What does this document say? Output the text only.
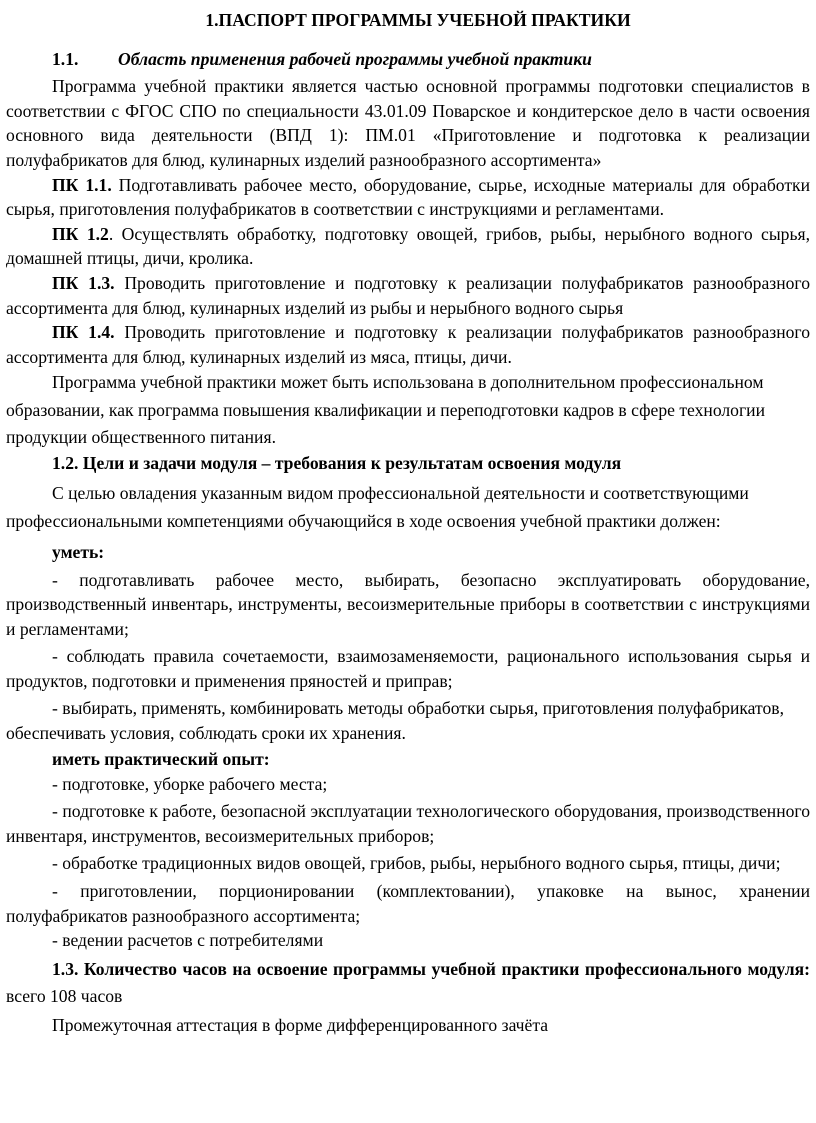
1.ПАСПОРТ ПРОГРАММЫ УЧЕБНОЙ ПРАКТИКИ
1.1. Область применения рабочей программы учебной практики

Программа учебной практики является частью основной программы подготовки специалистов в соответствии с ФГОС СПО по специальности 43.01.09 Поварское и кондитерское дело в части освоения основного вида деятельности (ВПД 1): ПМ.01 «Приготовление и подготовка к реализации полуфабрикатов для блюд, кулинарных изделий разнообразного ассортимента»

ПК 1.1. Подготавливать рабочее место, оборудование, сырье, исходные материалы для обработки сырья, приготовления полуфабрикатов в соответствии с инструкциями и регламентами.

ПК 1.2. Осуществлять обработку, подготовку овощей, грибов, рыбы, нерыбного водного сырья, домашней птицы, дичи, кролика.

ПК 1.3. Проводить приготовление и подготовку к реализации полуфабрикатов разнообразного ассортимента для блюд, кулинарных изделий из рыбы и нерыбного водного сырья

ПК 1.4. Проводить приготовление и подготовку к реализации полуфабрикатов разнообразного ассортимента для блюд, кулинарных изделий из мяса, птицы, дичи.

Программа учебной практики может быть использована в дополнительном профессиональном образовании, как программа повышения квалификации и переподготовки кадров в сфере технологии продукции общественного питания.

1.2. Цели и задачи модуля – требования к результатам освоения модуля

С целью овладения указанным видом профессиональной деятельности и соответствующими профессиональными компетенциями обучающийся в ходе освоения учебной практики должен:

уметь:

- подготавливать рабочее место, выбирать, безопасно эксплуатировать оборудование, производственный инвентарь, инструменты, весоизмерительные приборы в соответствии с инструкциями и регламентами;

- соблюдать правила сочетаемости, взаимозаменяемости, рационального использования сырья и продуктов, подготовки и применения пряностей и приправ;

- выбирать, применять, комбинировать методы обработки сырья, приготовления полуфабрикатов, обеспечивать условия, соблюдать сроки их хранения.

иметь практический опыт:

- подготовке, уборке рабочего места;

- подготовке к работе, безопасной эксплуатации технологического оборудования, производственного инвентаря, инструментов, весоизмерительных приборов;

- обработке традиционных видов овощей, грибов, рыбы, нерыбного водного сырья, птицы, дичи;

- приготовлении, порционировании (комплектовании), упаковке на вынос, хранении полуфабрикатов разнообразного ассортимента;

- ведении расчетов с потребителями

1.3. Количество часов на освоение программы учебной практики профессионального модуля: всего 108 часов

Промежуточная аттестация в форме дифференцированного зачёта
